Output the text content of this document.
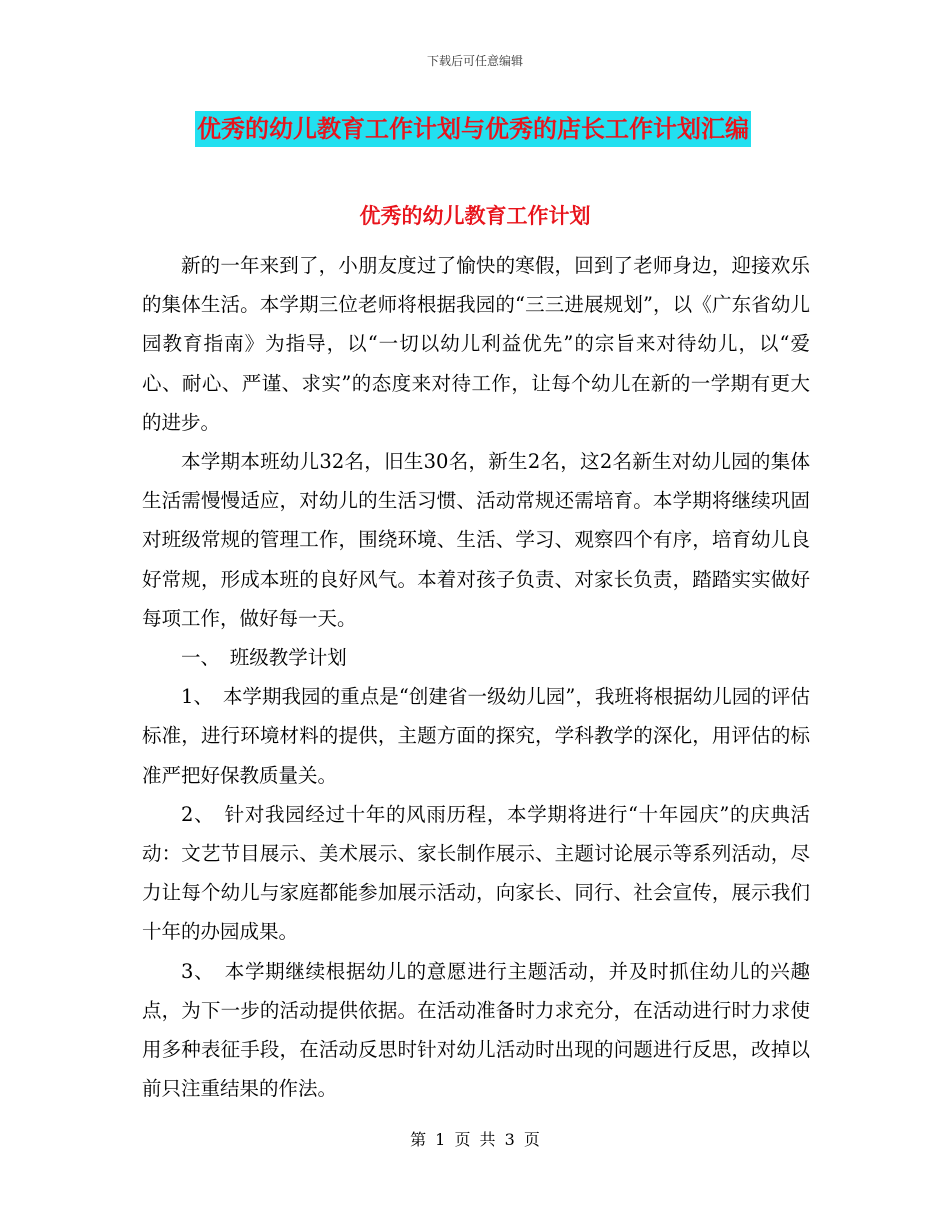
下载后可任意编辑
优秀的幼儿教育工作计划与优秀的店长工作计划汇编
优秀的幼儿教育工作计划

新的一年来到了，小朋友度过了愉快的寒假，回到了老师身边，迎接欢乐的集体生活。本学期三位老师将根据我园的“三三进展规划”，以《广东省幼儿园教育指南》为指导，以“一切以幼儿利益优先”的宗旨来对待幼儿，以“爱心、耐心、严谨、求实”的态度来对待工作，让每个幼儿在新的一学期有更大的进步。

本学期本班幼儿32名，旧生30名，新生2名，这2名新生对幼儿园的集体生活需慢慢适应，对幼儿的生活习惯、活动常规还需培育。本学期将继续巩固对班级常规的管理工作，围绕环境、生活、学习、观察四个有序，培育幼儿良好常规，形成本班的良好风气。本着对孩子负责、对家长负责，踏踏实实做好每项工作，做好每一天。

一、　班级教学计划

1、　本学期我园的重点是“创建省一级幼儿园”，我班将根据幼儿园的评估标准，进行环境材料的提供，主题方面的探究，学科教学的深化，用评估的标准严把好保教质量关。

2、　针对我园经过十年的风雨历程，本学期将进行“十年园庆”的庆典活动：文艺节目展示、美术展示、家长制作展示、主题讨论展示等系列活动，尽力让每个幼儿与家庭都能参加展示活动，向家长、同行、社会宣传，展示我们十年的办园成果。

3、　本学期继续根据幼儿的意愿进行主题活动，并及时抓住幼儿的兴趣点，为下一步的活动提供依据。在活动准备时力求充分，在活动进行时力求使用多种表征手段，在活动反思时针对幼儿活动时出现的问题进行反思，改掉以前只注重结果的作法。

第 1 页 共 3 页
